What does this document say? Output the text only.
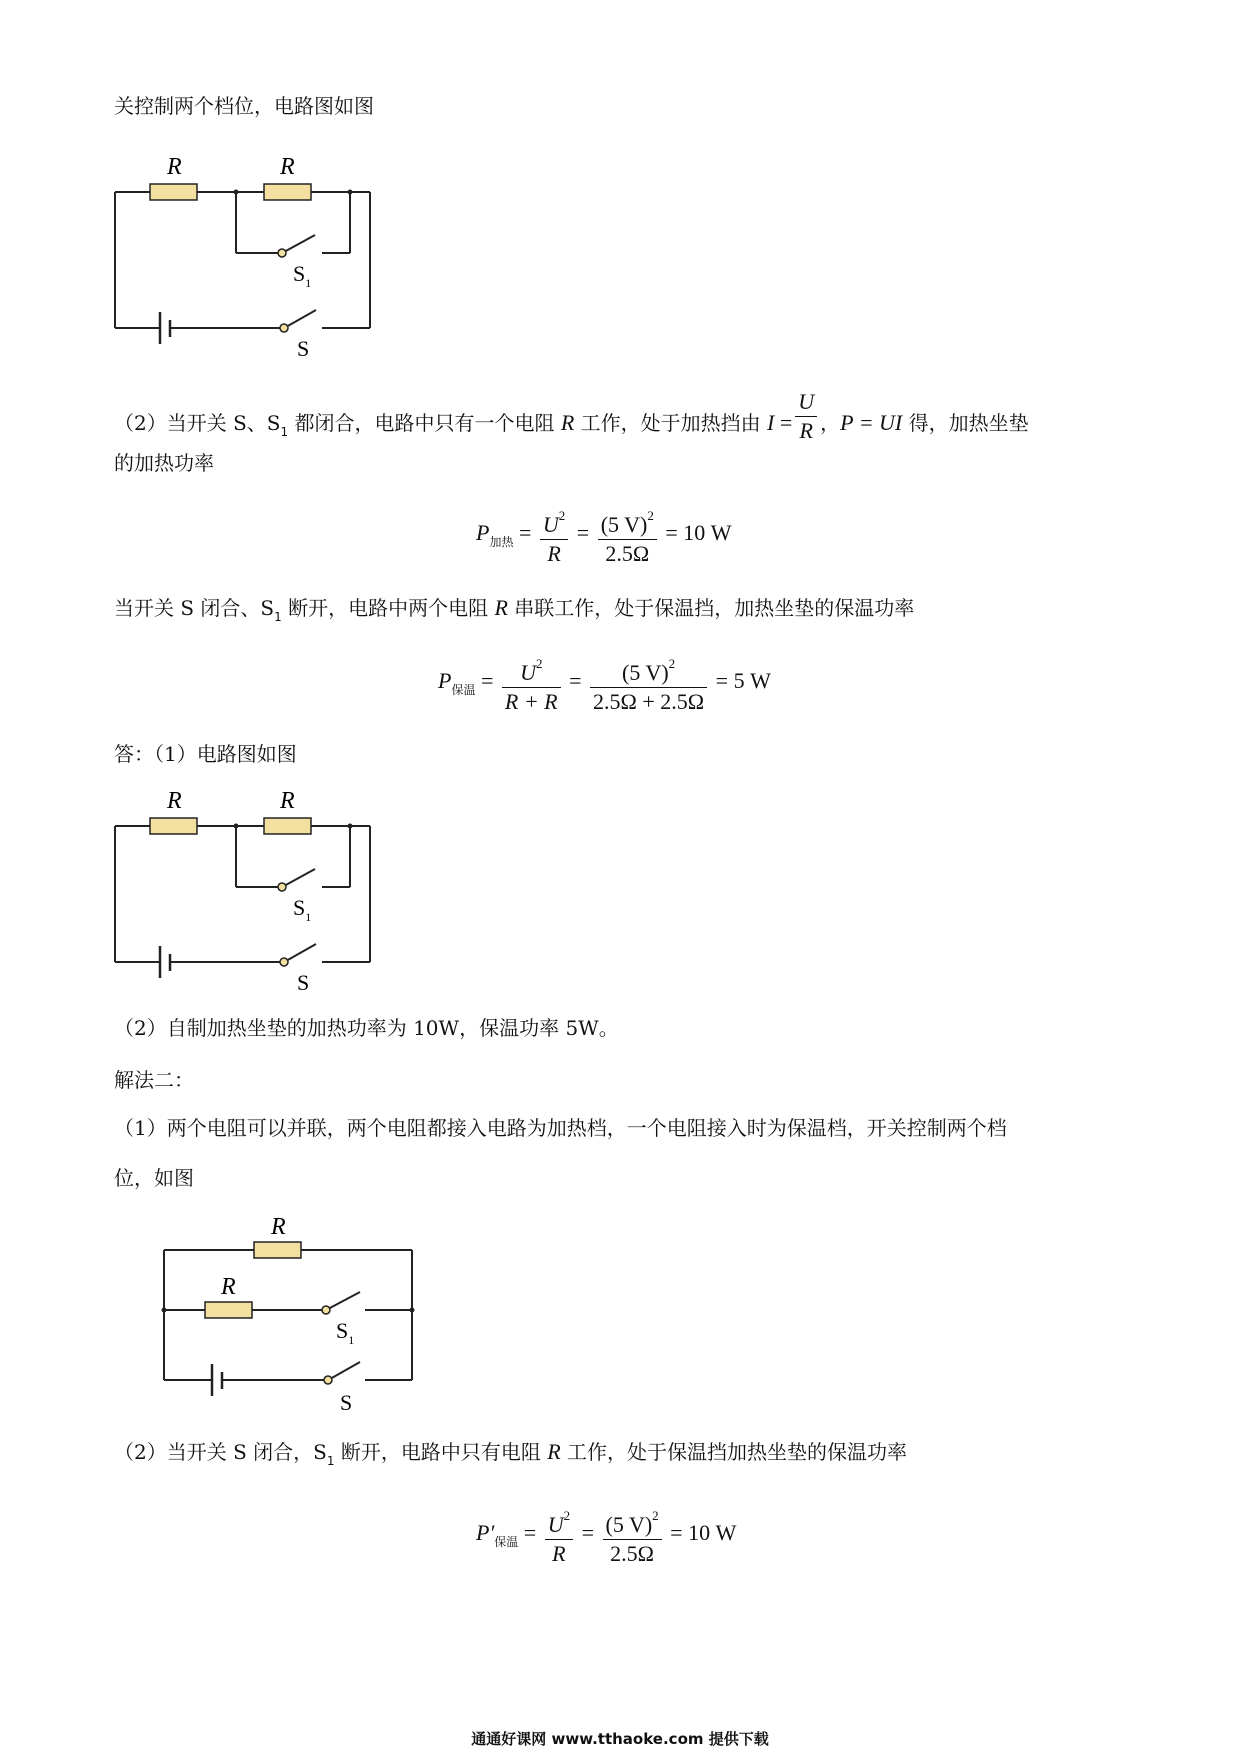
关控制两个档位，电路图如图
R	R
$S_1$
S
（2）当开关 S、$S_1$ 都闭合，电路中只有一个电阻 R 工作，处于加热挡由 $I = \frac{U}{R}$ ，P = UI 得，加热坐垫
的加热功率
$P_{加热} = \frac{U^2}{R} = \frac{(5 V)^2}{2.5\Omega} = 10$ W
当开关 S 闭合、$S_1$ 断开，电路中两个电阻 R 串联工作，处于保温挡，加热坐垫的保温功率
$P_{保温} = \frac{U^2}{R + R} = \frac{(5 V)^2}{2.5\Omega + 2.5\Omega} = 5$ W
答：（1）电路图如图
R	R
$S_1$
S
（2）自制加热坐垫的加热功率为 10W，保温功率 5W。
解法二：
（1）两个电阻可以并联，两个电阻都接入电路为加热档，一个电阻接入时为保温档，开关控制两个档
位，如图
R
R
$S_1$
S
（2）当开关 S 闭合，$S_1$ 断开，电路中只有电阻 R 工作，处于保温挡加热坐垫的保温功率
$P'_{保温} = \frac{U^2}{R} = \frac{(5 V)^2}{2.5\Omega} = 10$ W
通通好课网 www.tthaoke.com 提供下载
